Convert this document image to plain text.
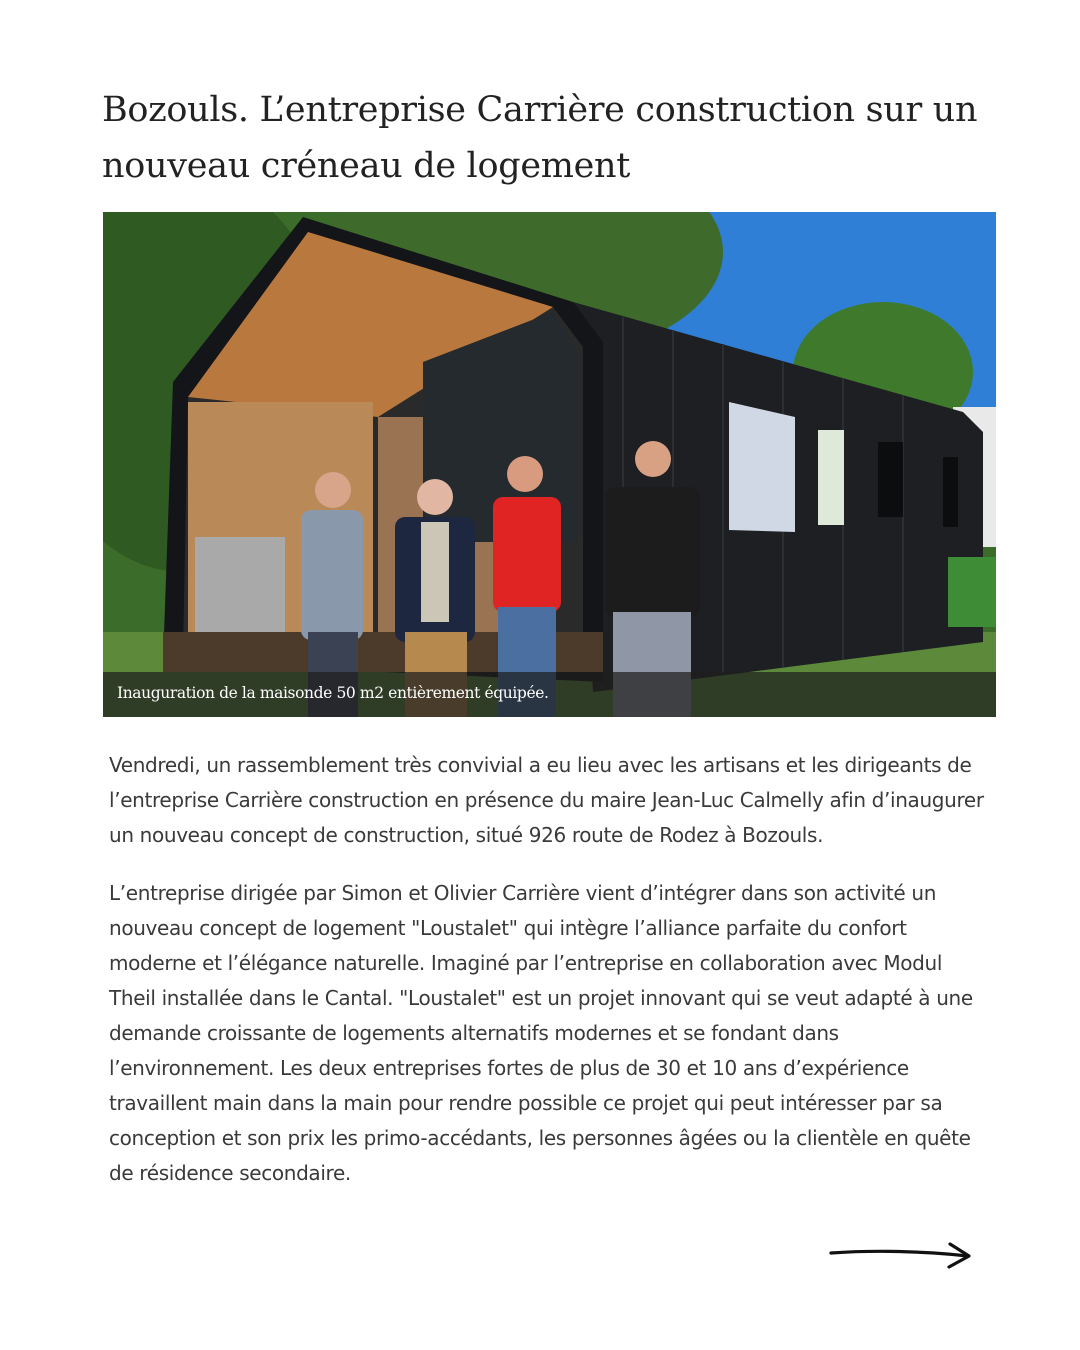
Bozouls. L’entreprise Carrière construction sur un nouveau créneau de logement
Inauguration de la maisonde 50 m2 entièrement équipée.

Vendredi, un rassemblement très convivial a eu lieu avec les artisans et les dirigeants de l’entreprise Carrière construction en présence du maire Jean-Luc Calmelly afin d’inaugurer un nouveau concept de construction, situé 926 route de Rodez à Bozouls.

L’entreprise dirigée par Simon et Olivier Carrière vient d’intégrer dans son activité un nouveau concept de logement "Loustalet" qui intègre l’alliance parfaite du confort moderne et l’élégance naturelle. Imaginé par l’entreprise en collaboration avec Modul Theil installée dans le Cantal. "Loustalet" est un projet innovant qui se veut adapté à une demande croissante de logements alternatifs modernes et se fondant dans l’environnement. Les deux entreprises fortes de plus de 30 et 10 ans d’expérience travaillent main dans la main pour rendre possible ce projet qui peut intéresser par sa conception et son prix les primo-accédants, les personnes âgées ou la clientèle en quête de résidence secondaire.
